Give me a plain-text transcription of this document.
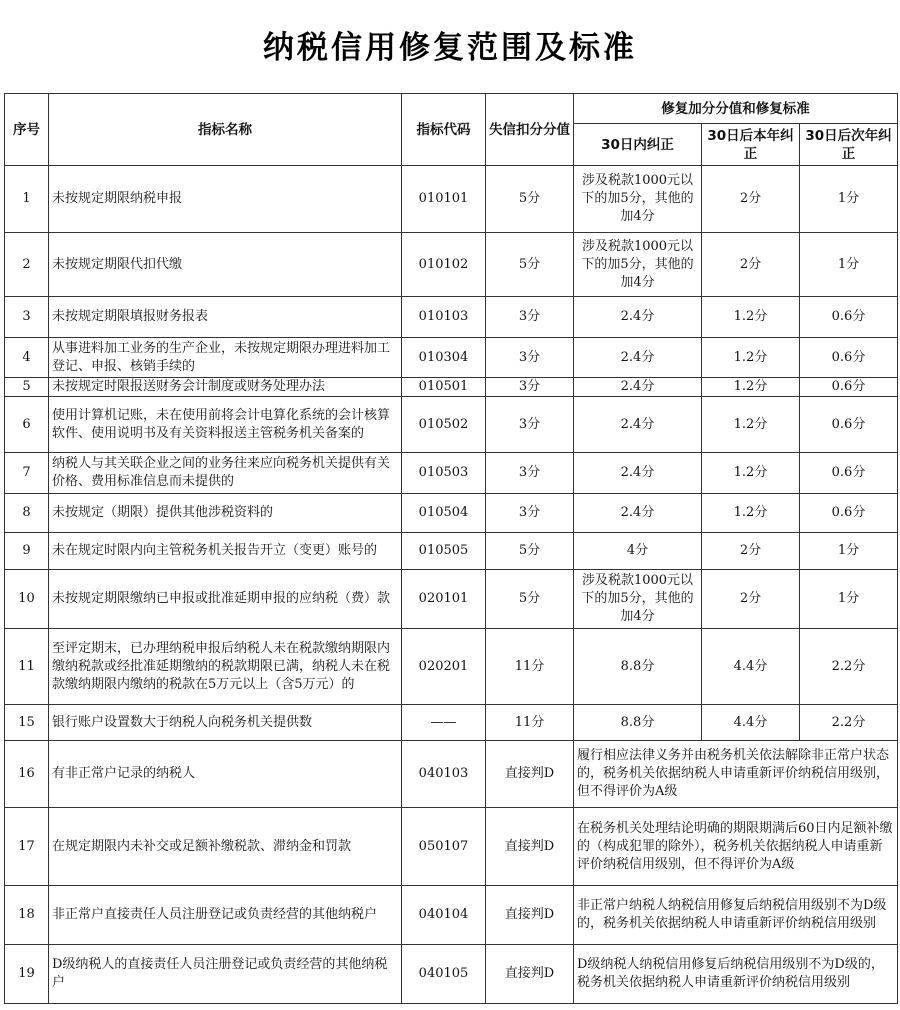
纳税信用修复范围及标准
序号	指标名称	指标代码	失信扣分分值	修复加分分值和修复标准		
				30日内纠正	30日后本年纠正	30日后次年纠正
1	未按规定期限纳税申报	010101	5分	涉及税款1000元以下的加5分，其他的加4分	2分	1分
2	未按规定期限代扣代缴	010102	5分	涉及税款1000元以下的加5分，其他的加4分	2分	1分
3	未按规定期限填报财务报表	010103	3分	2.4分	1.2分	0.6分
4	从事进料加工业务的生产企业，未按规定期限办理进料加工登记、申报、核销手续的	010304	3分	2.4分	1.2分	0.6分
5	未按规定时限报送财务会计制度或财务处理办法	010501	3分	2.4分	1.2分	0.6分
6	使用计算机记账，未在使用前将会计电算化系统的会计核算软件、使用说明书及有关资料报送主管税务机关备案的	010502	3分	2.4分	1.2分	0.6分
7	纳税人与其关联企业之间的业务往来应向税务机关提供有关价格、费用标准信息而未提供的	010503	3分	2.4分	1.2分	0.6分
8	未按规定（期限）提供其他涉税资料的	010504	3分	2.4分	1.2分	0.6分
9	未在规定时限内向主管税务机关报告开立（变更）账号的	010505	5分	4分	2分	1分
10	未按规定期限缴纳已申报或批准延期申报的应纳税（费）款	020101	5分	涉及税款1000元以下的加5分，其他的加4分	2分	1分
11	至评定期末，已办理纳税申报后纳税人未在税款缴纳期限内缴纳税款或经批准延期缴纳的税款期限已满，纳税人未在税款缴纳期限内缴纳的税款在5万元以上（含5万元）的	020201	11分	8.8分	4.4分	2.2分
15	银行账户设置数大于纳税人向税务机关提供数	——	11分	8.8分	4.4分	2.2分
16	有非正常户记录的纳税人	040103	直接判D	履行相应法律义务并由税务机关依法解除非正常户状态的，税务机关依据纳税人申请重新评价纳税信用级别，但不得评价为A级		
17	在规定期限内未补交或足额补缴税款、滞纳金和罚款	050107	直接判D	在税务机关处理结论明确的期限期满后60日内足额补缴的（构成犯罪的除外），税务机关依据纳税人申请重新评价纳税信用级别，但不得评价为A级		
18	非正常户直接责任人员注册登记或负责经营的其他纳税户	040104	直接判D	非正常户纳税人纳税信用修复后纳税信用级别不为D级的，税务机关依据纳税人申请重新评价纳税信用级别		
19	D级纳税人的直接责任人员注册登记或负责经营的其他纳税户	040105	直接判D	D级纳税人纳税信用修复后纳税信用级别不为D级的，税务机关依据纳税人申请重新评价纳税信用级别		
